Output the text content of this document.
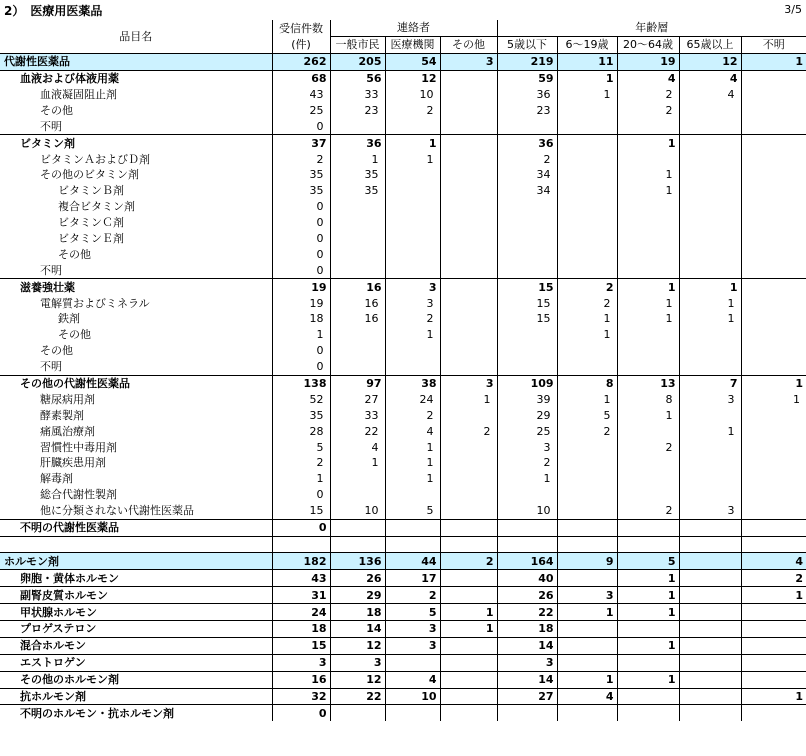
2）　医療用医薬品	3/5
品目名	受信件数	連絡者			年齢層				
	(件)	一般市民	医療機関	その他	5歳以下	6～19歳	20～64歳	65歳以上	不明
代謝性医薬品	262	205	54	3	219	11	19	12	1
血液および体液用薬	68	56	12		59	1	4	4	
血液凝固阻止剤	43	33	10		36	1	2	4	
その他	25	23	2		23		2		
不明	0								
ビタミン剤	37	36	1		36		1		
ビタミンＡおよびＤ剤	2	1	1		2				
その他のビタミン剤	35	35			34		1		
ビタミンＢ剤	35	35			34		1		
複合ビタミン剤	0								
ビタミンＣ剤	0								
ビタミンＥ剤	0								
その他	0								
不明	0								
滋養強壮薬	19	16	3		15	2	1	1	
電解質およびミネラル	19	16	3		15	2	1	1	
鉄剤	18	16	2		15	1	1	1	
その他	1		1			1			
その他	0								
不明	0								
その他の代謝性医薬品	138	97	38	3	109	8	13	7	1
糖尿病用剤	52	27	24	1	39	1	8	3	1
酵素製剤	35	33	2		29	5	1		
痛風治療剤	28	22	4	2	25	2		1	
習慣性中毒用剤	5	4	1		3		2		
肝臓疾患用剤	2	1	1		2				
解毒剤	1		1		1				
総合代謝性製剤	0								
他に分類されない代謝性医薬品	15	10	5		10		2	3	
不明の代謝性医薬品	0								

ホルモン剤	182	136	44	2	164	9	5		4
卵胞・黄体ホルモン	43	26	17		40		1		2
副腎皮質ホルモン	31	29	2		26	3	1		1
甲状腺ホルモン	24	18	5	1	22	1	1		
プロゲステロン	18	14	3	1	18				
混合ホルモン	15	12	3		14		1		
エストロゲン	3	3			3				
その他のホルモン剤	16	12	4		14	1	1		
抗ホルモン剤	32	22	10		27	4			1
不明のホルモン・抗ホルモン剤	0								
